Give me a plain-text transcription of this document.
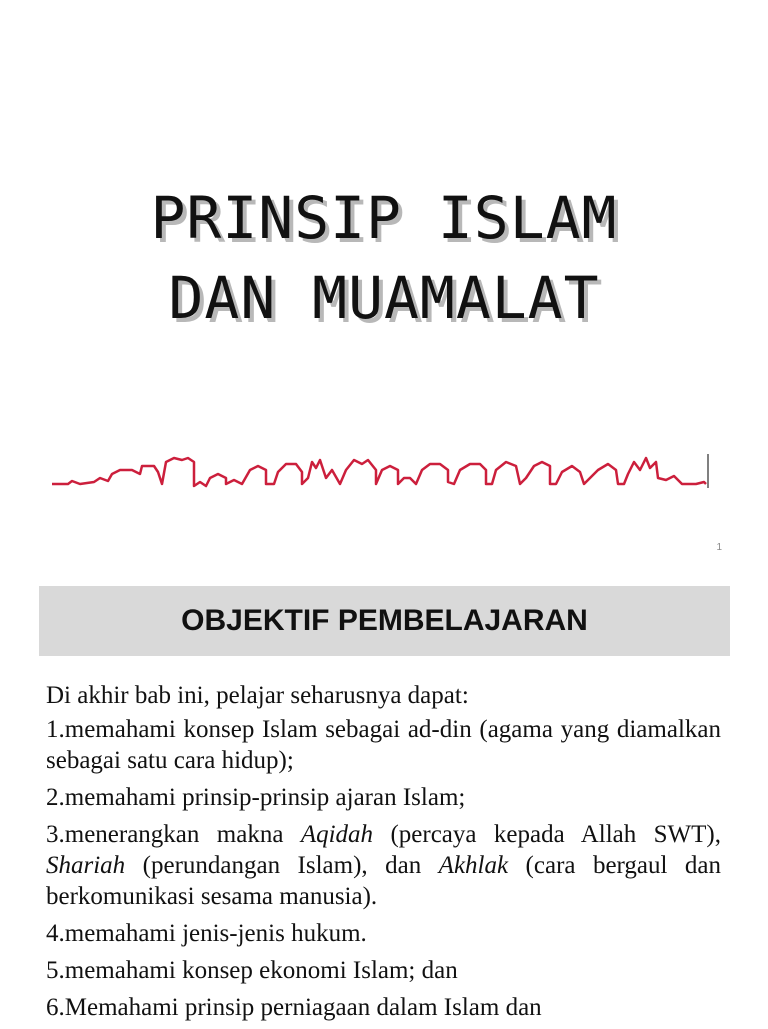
PRINSIP ISLAM
DAN MUAMALAT
1
OBJEKTIF PEMBELAJARAN

Di akhir bab ini, pelajar seharusnya dapat:

1.memahami konsep Islam sebagai ad-din (agama yang diamalkan sebagai satu cara hidup);

2.memahami prinsip-prinsip ajaran Islam;

3.menerangkan makna Aqidah (percaya kepada Allah SWT), Shariah (perundangan Islam), dan Akhlak (cara bergaul dan berkomunikasi sesama manusia).

4.memahami jenis-jenis hukum.

5.memahami konsep ekonomi Islam; dan

6.Memahami prinsip perniagaan dalam Islam dan
